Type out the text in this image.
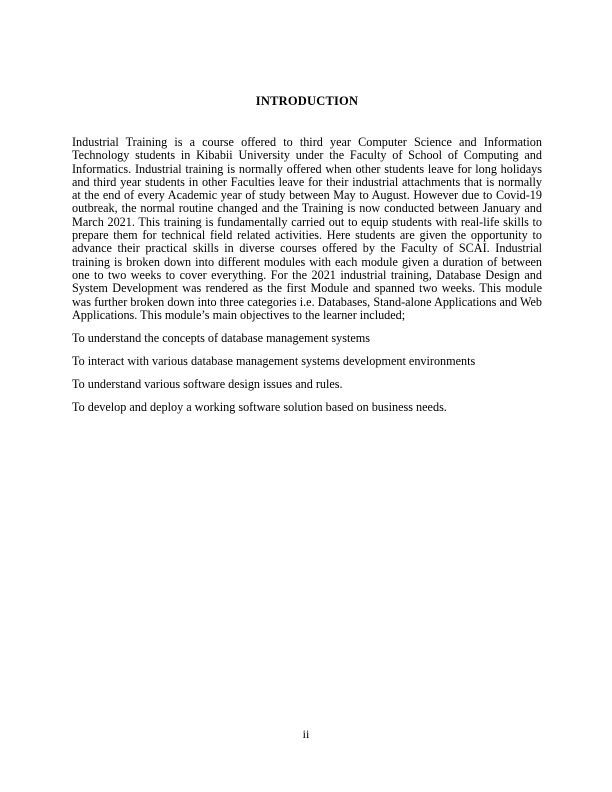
INTRODUCTION

Industrial Training is a course offered to third year Computer Science and Information Technology students in Kibabii University under the Faculty of School of Computing and Informatics. Industrial training is normally offered when other students leave for long holidays and third year students in other Faculties leave for their industrial attachments that is normally at the end of every Academic year of study between May to August. However due to Covid-19 outbreak, the normal routine changed and the Training is now conducted between January and March 2021. This training is fundamentally carried out to equip students with real-life skills to prepare them for technical field related activities. Here students are given the opportunity to advance their practical skills in diverse courses offered by the Faculty of SCAI. Industrial training is broken down into different modules with each module given a duration of between one to two weeks to cover everything. For the 2021 industrial training, Database Design and System Development was rendered as the first Module and spanned two weeks. This module was further broken down into three categories i.e. Databases, Stand-alone Applications and Web Applications. This module’s main objectives to the learner included;

To understand the concepts of database management systems

To interact with various database management systems development environments

To understand various software design issues and rules.

To develop and deploy a working software solution based on business needs.

ii
